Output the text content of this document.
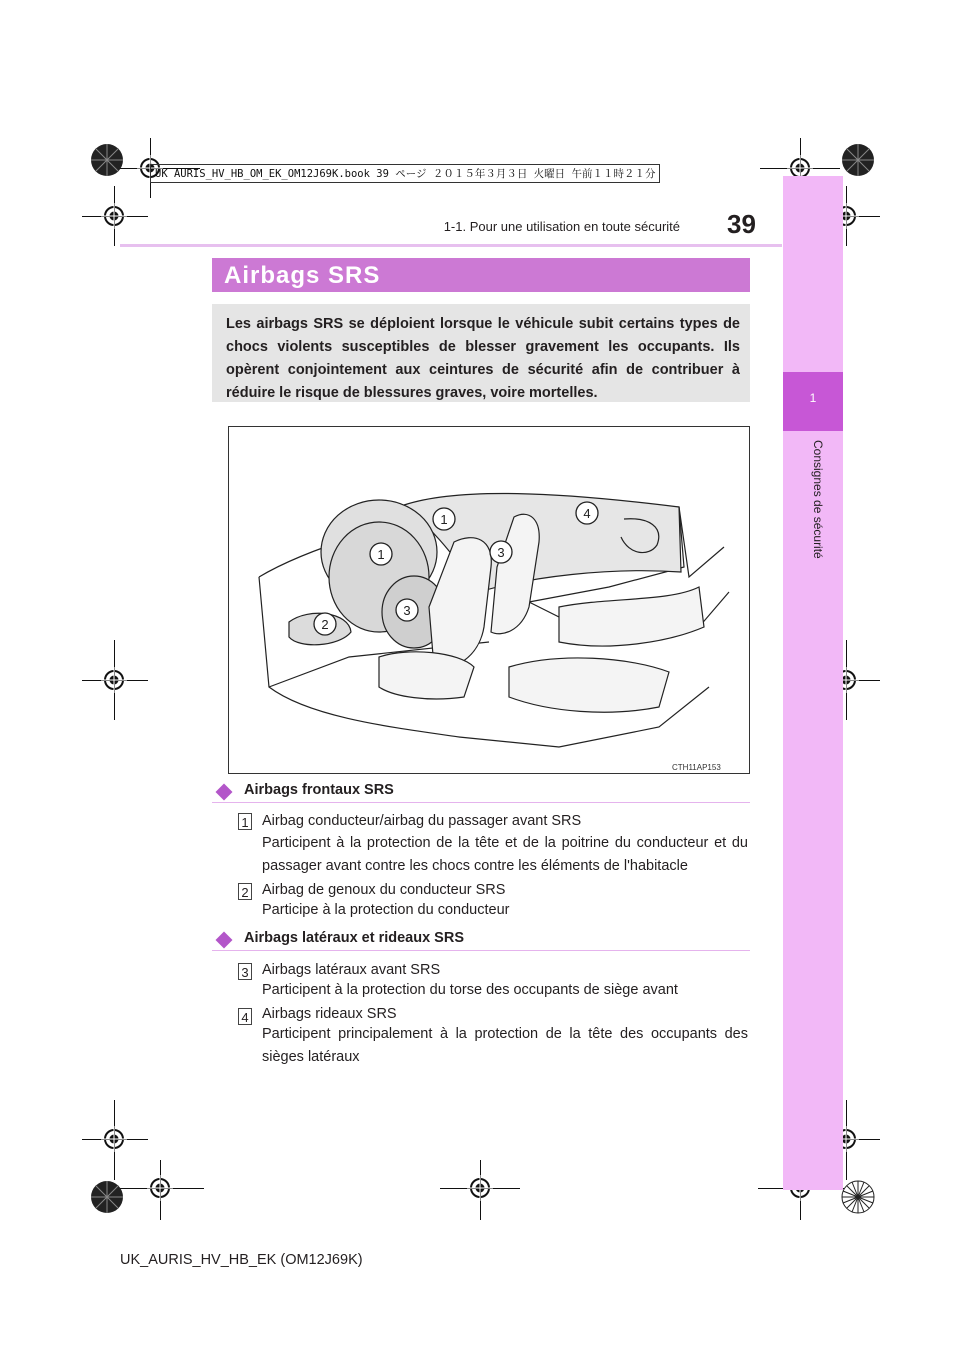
UK AURIS_HV_HB_OM_EK_OM12J69K.book 39 ページ ２０１５年３月３日 火曜日 午前１１時２１分
1-1. Pour une utilisation en toute sécurité 39
1
Consignes de sécurité
Airbags SRS
Les airbags SRS se déploient lorsque le véhicule subit certains types de chocs violents susceptibles de blesser gravement les occupants. Ils opèrent conjointement aux ceintures de sécurité afin de contribuer à réduire le risque de blessures graves, voire mortelles.
1
1
2
3
3
4
CTH11AP153
Airbags frontaux SRS
1 Airbag conducteur/airbag du passager avant SRS
Participent à la protection de la tête et de la poitrine du conducteur et du passager avant contre les chocs contre les éléments de l'habitacle
2 Airbag de genoux du conducteur SRS
Participe à la protection du conducteur
Airbags latéraux et rideaux SRS
3 Airbags latéraux avant SRS
Participent à la protection du torse des occupants de siège avant
4 Airbags rideaux SRS
Participent principalement à la protection de la tête des occupants des sièges latéraux
UK_AURIS_HV_HB_EK (OM12J69K)
